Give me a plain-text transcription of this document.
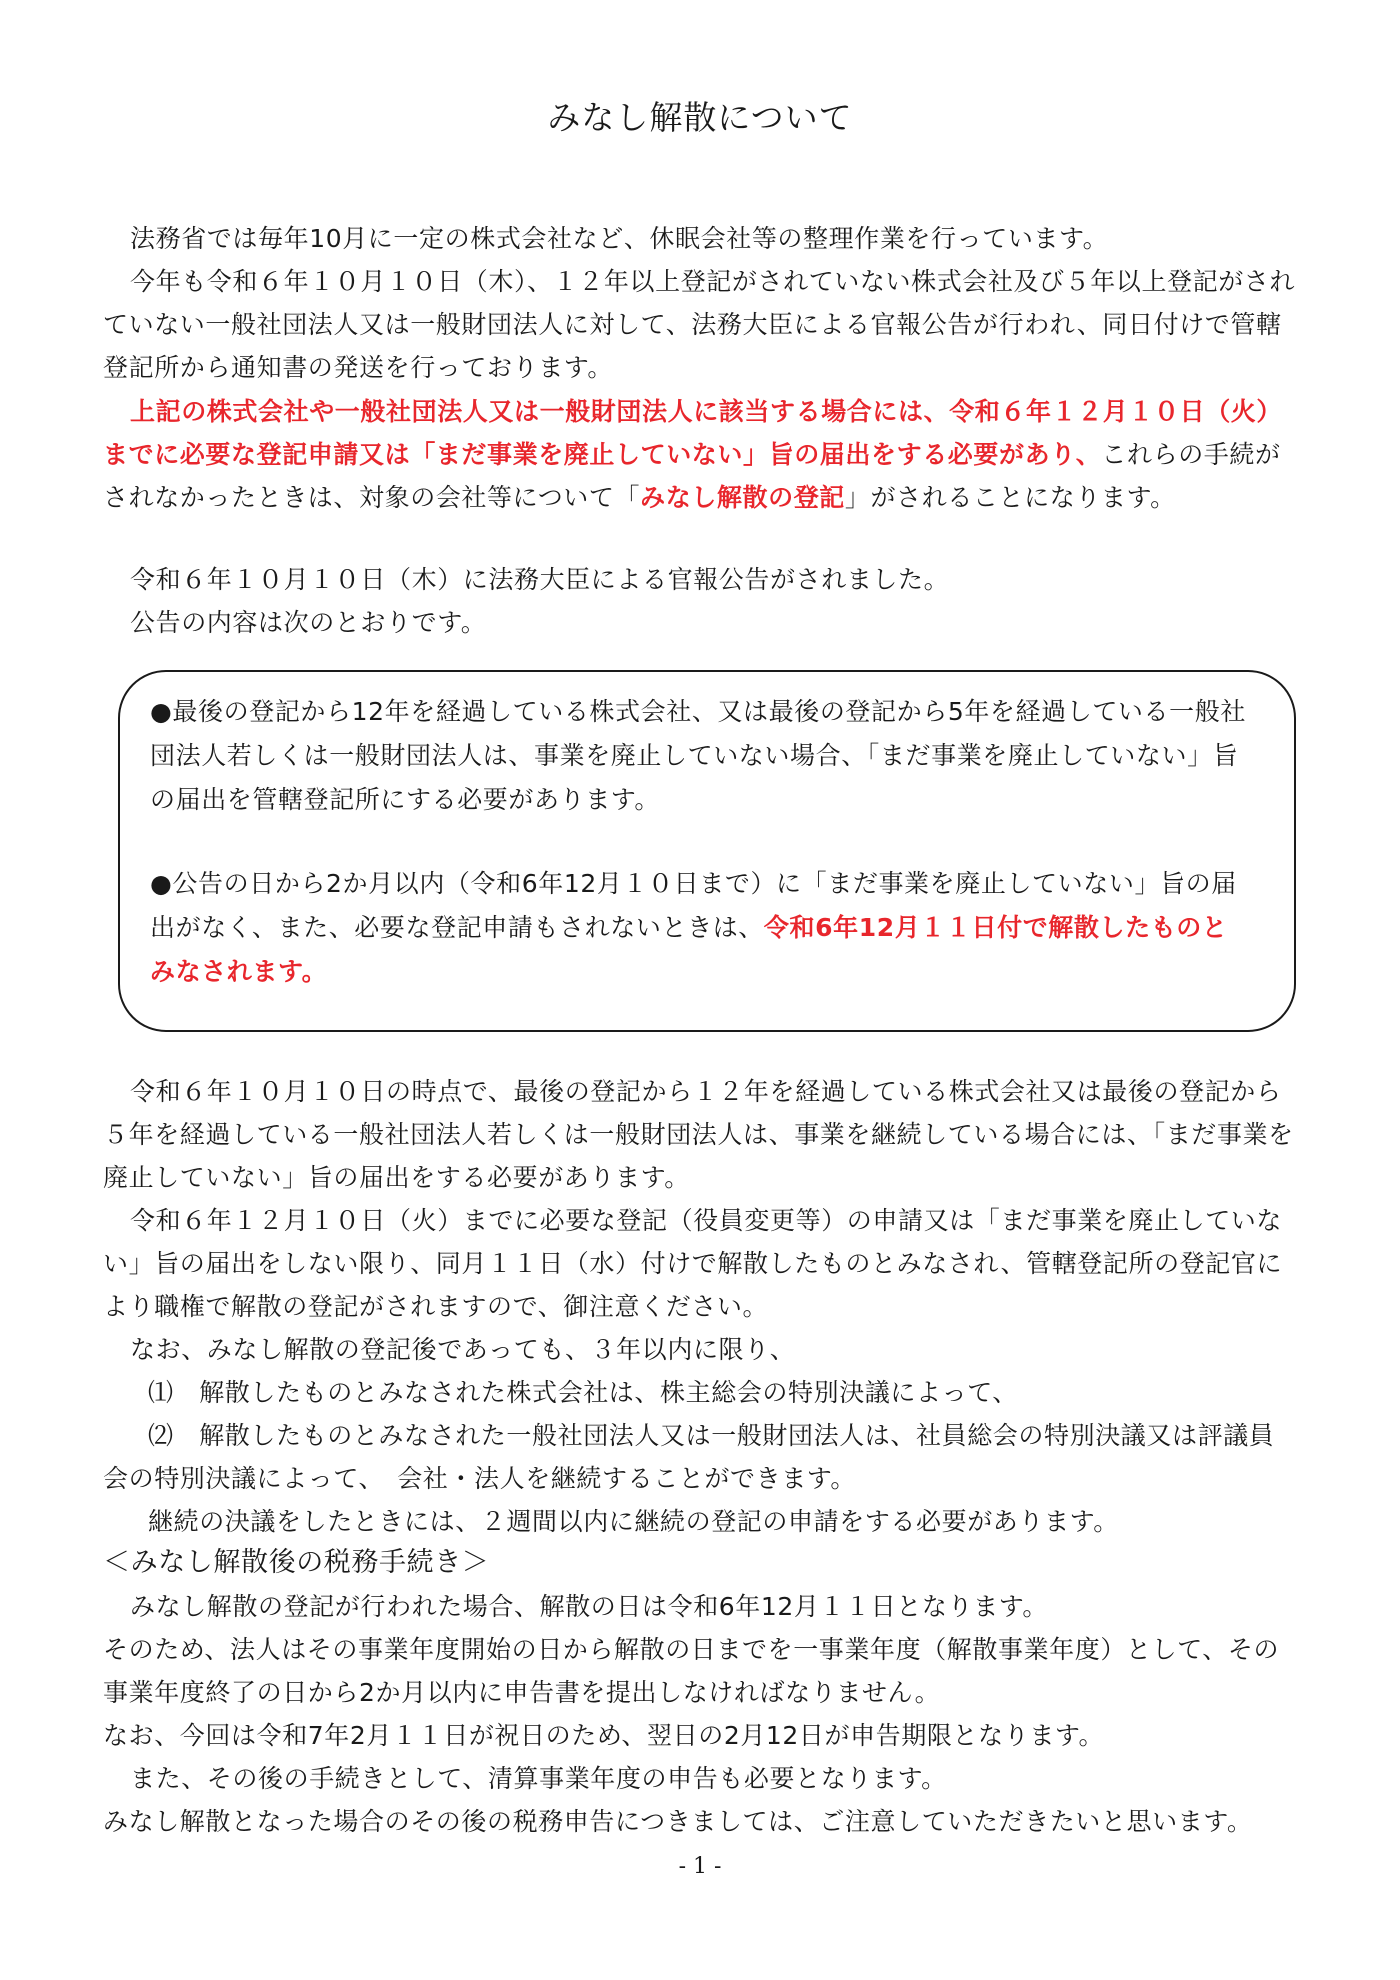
みなし解散について
法務省では毎年10月に一定の株式会社など、休眠会社等の整理作業を行っています。
今年も令和６年１０月１０日（木）、１２年以上登記がされていない株式会社及び５年以上登記がされ
ていない一般社団法人又は一般財団法人に対して、法務大臣による官報公告が行われ、同日付けで管轄
登記所から通知書の発送を行っております。
上記の株式会社や一般社団法人又は一般財団法人に該当する場合には、令和６年１２月１０日（火）
までに必要な登記申請又は「まだ事業を廃止していない」旨の届出をする必要があり、これらの手続が
されなかったときは、対象の会社等について「みなし解散の登記」がされることになります。
令和６年１０月１０日（木）に法務大臣による官報公告がされました。
公告の内容は次のとおりです。
●最後の登記から12年を経過している株式会社、又は最後の登記から5年を経過している一般社
団法人若しくは一般財団法人は、事業を廃止していない場合、「まだ事業を廃止していない」旨
の届出を管轄登記所にする必要があります。
●公告の日から2か月以内（令和6年12月１０日まで）に「まだ事業を廃止していない」旨の届
出がなく、また、必要な登記申請もされないときは、令和6年12月１１日付で解散したものと
みなされます。
令和６年１０月１０日の時点で、最後の登記から１２年を経過している株式会社又は最後の登記から
５年を経過している一般社団法人若しくは一般財団法人は、事業を継続している場合には、「まだ事業を
廃止していない」旨の届出をする必要があります。
令和６年１２月１０日（火）までに必要な登記（役員変更等）の申請又は「まだ事業を廃止していな
い」旨の届出をしない限り、同月１１日（水）付けで解散したものとみなされ、管轄登記所の登記官に
より職権で解散の登記がされますので、御注意ください。
なお、みなし解散の登記後であっても、３年以内に限り、
⑴　解散したものとみなされた株式会社は、株主総会の特別決議によって、
⑵　解散したものとみなされた一般社団法人又は一般財団法人は、社員総会の特別決議又は評議員
会の特別決議によって、　会社・法人を継続することができます。
継続の決議をしたときには、２週間以内に継続の登記の申請をする必要があります。
＜みなし解散後の税務手続き＞
みなし解散の登記が行われた場合、解散の日は令和6年12月１１日となります。
そのため、法人はその事業年度開始の日から解散の日までを一事業年度（解散事業年度）として、その
事業年度終了の日から2か月以内に申告書を提出しなければなりません。
なお、今回は令和7年2月１１日が祝日のため、翌日の2月12日が申告期限となります。
また、その後の手続きとして、清算事業年度の申告も必要となります。
みなし解散となった場合のその後の税務申告につきましては、ご注意していただきたいと思います。
- 1 -
